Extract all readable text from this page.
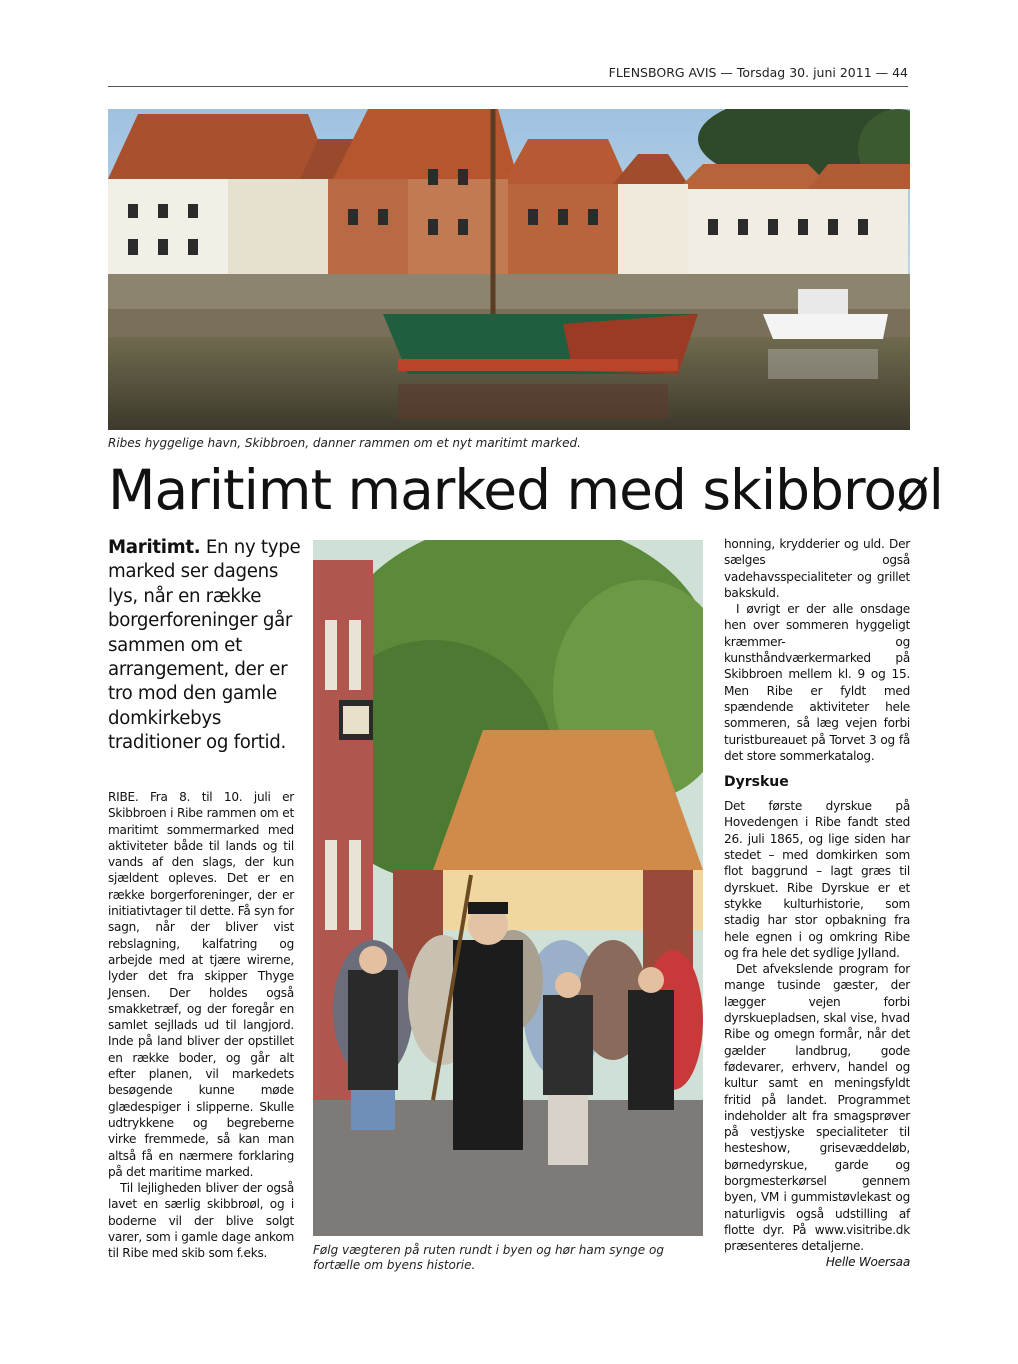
FLENSBORG AVIS — Torsdag 30. juni 2011 — 44
Ribes hyggelige havn, Skibbroen, danner rammen om et nyt maritimt marked.
Maritimt marked med skibbroøl
Maritimt. En ny type marked ser dagens lys, når en række borgerforeninger går sammen om et arrangement, der er tro mod den gamle domkirkebys traditioner og fortid.

RIBE. Fra 8. til 10. juli er Skibbroen i Ribe rammen om et maritimt sommermarked med aktiviteter både til lands og til vands af den slags, der kun sjældent opleves. Det er en række borgerforeninger, der er initiativtager til dette. Få syn for sagn, når der bliver vist rebslagning, kalfatring og arbejde med at tjære wirerne, lyder det fra skipper Thyge Jensen. Der holdes også smakketræf, og der foregår en samlet sejllads ud til langjord. Inde på land bliver der opstillet en række boder, og går alt efter planen, vil markedets besøgende kunne møde glædespiger i slipperne. Skulle udtrykkene og begreberne virke fremmede, så kan man altså få en nærmere forklaring på det maritime marked.

Til lejligheden bliver der også lavet en særlig skibbroøl, og i boderne vil der blive solgt varer, som i gamle dage ankom til Ribe med skib som f.eks.	Følg vægteren på ruten rundt i byen og hør ham synge og fortælle om byens historie.

honning, krydderier og uld. Der sælges også vadehavsspecialiteter og grillet bakskuld.

I øvrigt er der alle onsdage hen over sommeren hyggeligt kræmmer- og kunsthåndværkermarked på Skibbroen mellem kl. 9 og 15. Men Ribe er fyldt med spændende aktiviteter hele sommeren, så læg vejen forbi turistbureauet på Torvet 3 og få det store sommerkatalog.

Dyrskue

Det første dyrskue på Hovedengen i Ribe fandt sted 26. juli 1865, og lige siden har stedet – med domkirken som flot baggrund – lagt græs til dyrskuet. Ribe Dyrskue er et stykke kulturhistorie, som stadig har stor opbakning fra hele egnen i og omkring Ribe og fra hele det sydlige Jylland.

Det afvekslende program for mange tusinde gæster, der lægger vejen forbi dyrskuepladsen, skal vise, hvad Ribe og omegn formår, når det gælder landbrug, gode fødevarer, erhverv, handel og kultur samt en meningsfyldt fritid på landet. Programmet indeholder alt fra smagsprøver på vestjyske specialiteter til hesteshow, grisevæddeløb, børnedyrskue, garde og borgmesterkørsel gennem byen, VM i gummistøvlekast og naturligvis også udstilling af flotte dyr. På www.visitribe.dk præsenteres detaljerne.
Helle Woersaa
